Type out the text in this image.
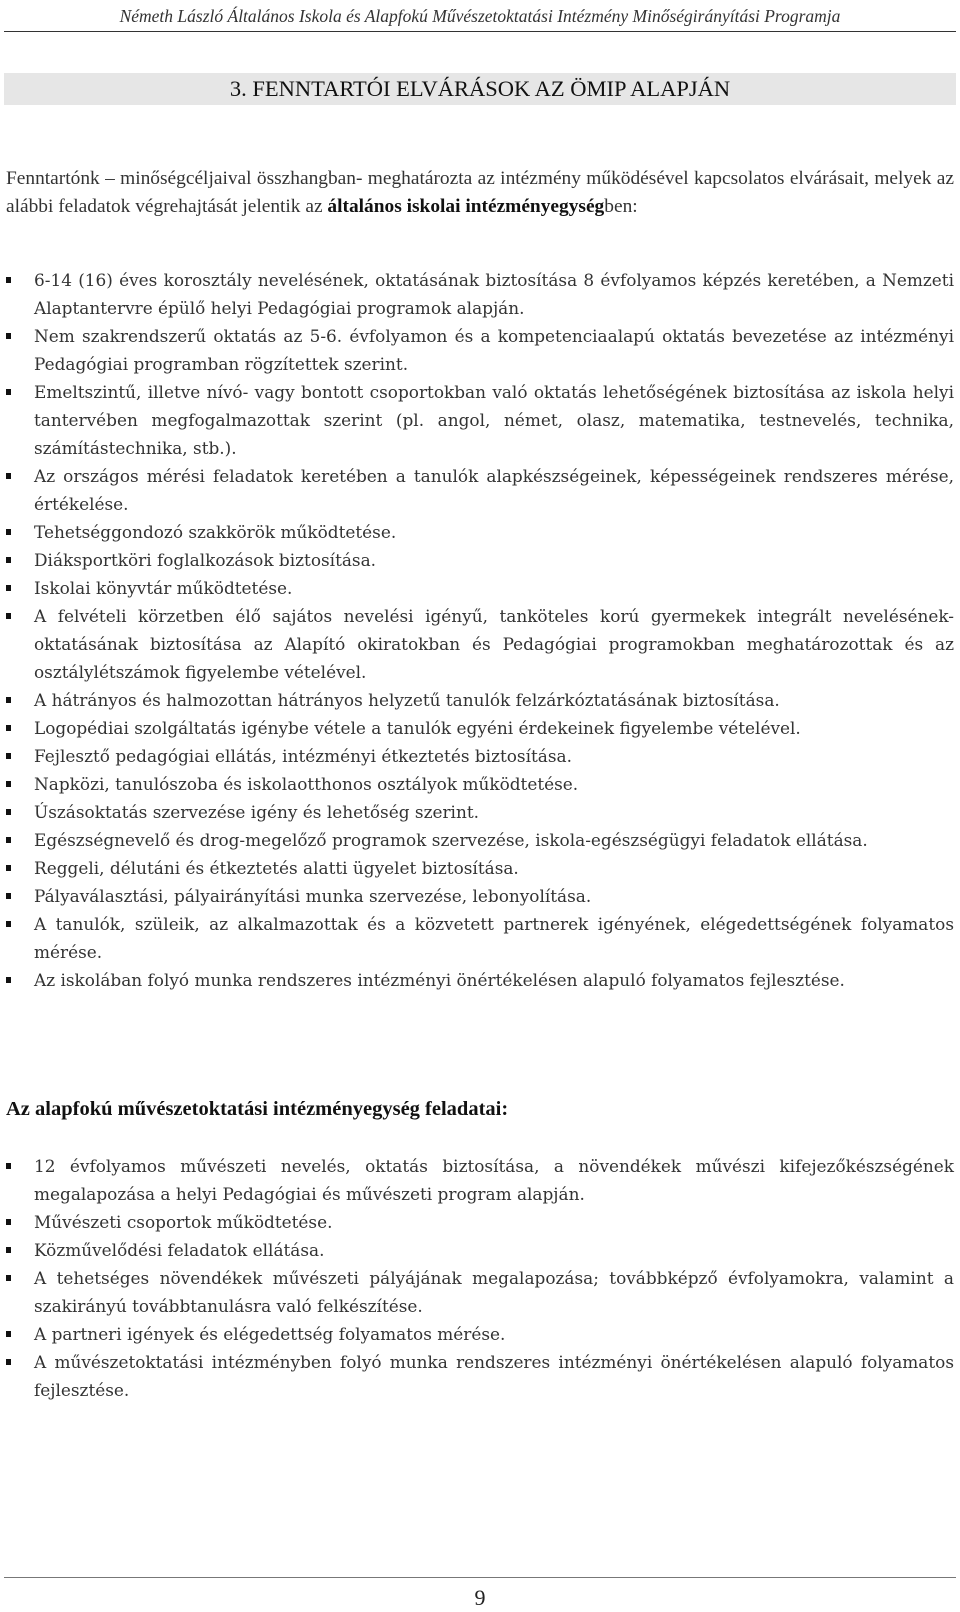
Németh László Általános Iskola és Alapfokú Művészetoktatási Intézmény Minőségirányítási Programja
3. FENNTARTÓI ELVÁRÁSOK AZ ÖMIP ALAPJÁN

Fenntartónk – minőségcéljaival összhangban- meghatározta az intézmény működésével kapcsolatos elvárásait, melyek az alábbi feladatok végrehajtását jelentik az általános iskolai intézményegységben:

6-14 (16) éves korosztály nevelésének, oktatásának biztosítása 8 évfolyamos képzés keretében, a Nemzeti Alaptantervre épülő helyi Pedagógiai programok alapján.
Nem szakrendszerű oktatás az 5-6. évfolyamon és a kompetenciaalapú oktatás bevezetése az intézményi Pedagógiai programban rögzítettek szerint.
Emeltszintű, illetve nívó- vagy bontott csoportokban való oktatás lehetőségének biztosítása az iskola helyi tantervében megfogalmazottak szerint (pl. angol, német, olasz, matematika, testnevelés, technika, számítástechnika, stb.).
Az országos mérési feladatok keretében a tanulók alapkészségeinek, képességeinek rendszeres mérése, értékelése.
Tehetséggondozó szakkörök működtetése.
Diáksportköri foglalkozások biztosítása.
Iskolai könyvtár működtetése.
A felvételi körzetben élő sajátos nevelési igényű, tanköteles korú gyermekek integrált nevelésének-oktatásának biztosítása az Alapító okiratokban és Pedagógiai programokban meghatározottak és az osztálylétszámok figyelembe vételével.
A hátrányos és halmozottan hátrányos helyzetű tanulók felzárkóztatásának biztosítása.
Logopédiai szolgáltatás igénybe vétele a tanulók egyéni érdekeinek figyelembe vételével.
Fejlesztő pedagógiai ellátás, intézményi étkeztetés biztosítása.
Napközi, tanulószoba és iskolaotthonos osztályok működtetése.
Úszásoktatás szervezése igény és lehetőség szerint.
Egészségnevelő és drog-megelőző programok szervezése, iskola-egészségügyi feladatok ellátása.
Reggeli, délutáni és étkeztetés alatti ügyelet biztosítása.
Pályaválasztási, pályairányítási munka szervezése, lebonyolítása.
A tanulók, szüleik, az alkalmazottak és a közvetett partnerek igényének, elégedettségének folyamatos mérése.
Az iskolában folyó munka rendszeres intézményi önértékelésen alapuló folyamatos fejlesztése.
Az alapfokú művészetoktatási intézményegység feladatai:
12 évfolyamos művészeti nevelés, oktatás biztosítása, a növendékek művészi kifejezőkészségének megalapozása a helyi Pedagógiai és művészeti program alapján.
Művészeti csoportok működtetése.
Közművelődési feladatok ellátása.
A tehetséges növendékek művészeti pályájának megalapozása; továbbképző évfolyamokra, valamint a szakirányú továbbtanulásra való felkészítése.
A partneri igények és elégedettség folyamatos mérése.
A művészetoktatási intézményben folyó munka rendszeres intézményi önértékelésen alapuló folyamatos fejlesztése.
9
